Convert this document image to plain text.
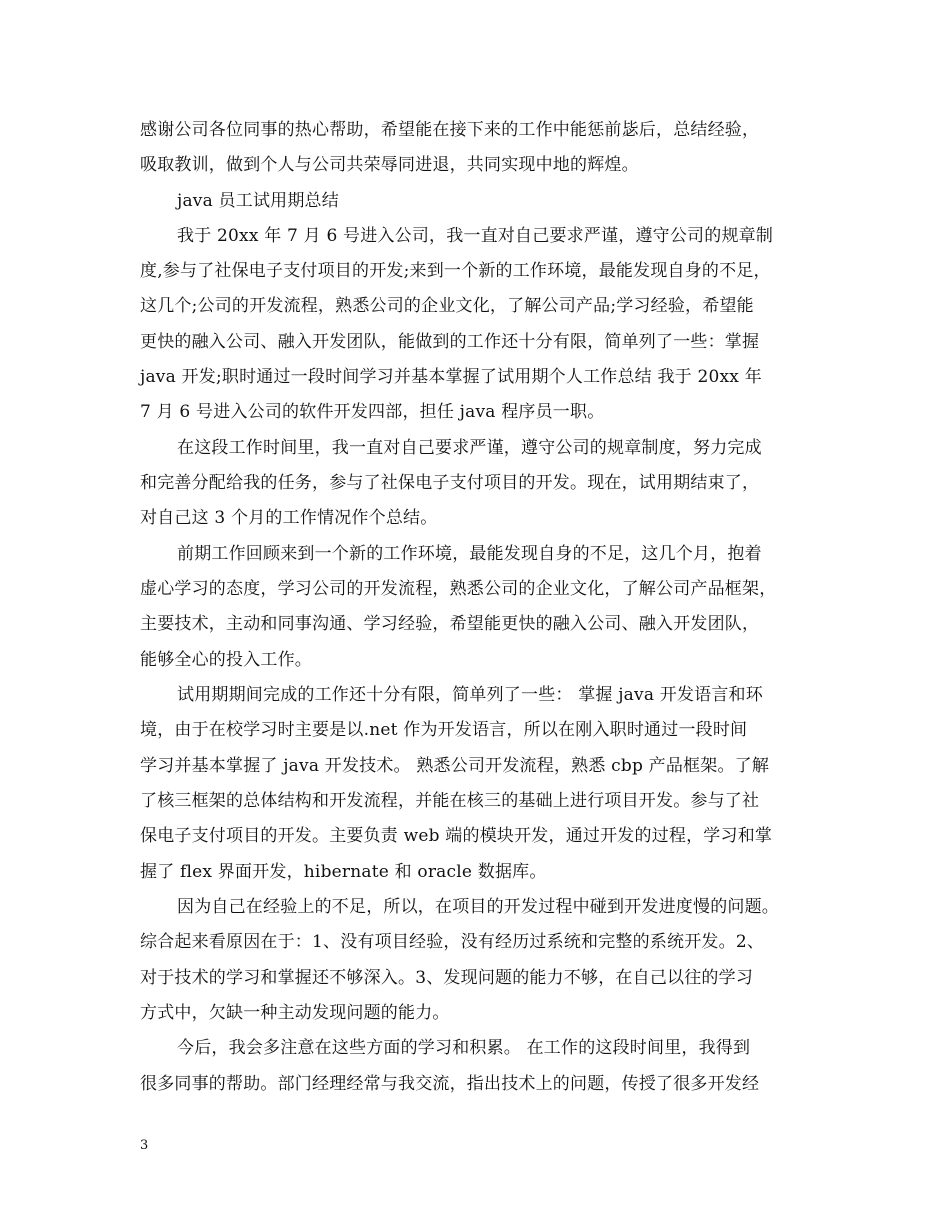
感谢公司各位同事的热心帮助，希望能在接下来的工作中能惩前毖后，总结经验，
吸取教训，做到个人与公司共荣辱同进退，共同实现中地的辉煌。
java 员工试用期总结
我于 20xx 年 7 月 6 号进入公司，我一直对自己要求严谨，遵守公司的规章制
度,参与了社保电子支付项目的开发;来到一个新的工作环境，最能发现自身的不足，
这几个;公司的开发流程，熟悉公司的企业文化，了解公司产品;学习经验，希望能
更快的融入公司、融入开发团队，能做到的工作还十分有限，简单列了一些：掌握
java 开发;职时通过一段时间学习并基本掌握了试用期个人工作总结 我于 20xx 年
7 月 6 号进入公司的软件开发四部，担任 java 程序员一职。
在这段工作时间里，我一直对自己要求严谨，遵守公司的规章制度，努力完成
和完善分配给我的任务，参与了社保电子支付项目的开发。现在，试用期结束了，
对自己这 3 个月的工作情况作个总结。
前期工作回顾来到一个新的工作环境，最能发现自身的不足，这几个月，抱着
虚心学习的态度，学习公司的开发流程，熟悉公司的企业文化，了解公司产品框架，
主要技术，主动和同事沟通、学习经验，希望能更快的融入公司、融入开发团队，
能够全心的投入工作。
试用期期间完成的工作还十分有限，简单列了一些： 掌握 java 开发语言和环
境，由于在校学习时主要是以.net 作为开发语言，所以在刚入职时通过一段时间
学习并基本掌握了 java 开发技术。 熟悉公司开发流程，熟悉 cbp 产品框架。了解
了核三框架的总体结构和开发流程，并能在核三的基础上进行项目开发。参与了社
保电子支付项目的开发。主要负责 web 端的模块开发，通过开发的过程，学习和掌
握了 flex 界面开发，hibernate 和 oracle 数据库。
因为自己在经验上的不足，所以，在项目的开发过程中碰到开发进度慢的问题。
综合起来看原因在于：1、没有项目经验，没有经历过系统和完整的系统开发。2、
对于技术的学习和掌握还不够深入。3、发现问题的能力不够，在自己以往的学习
方式中，欠缺一种主动发现问题的能力。
今后，我会多注意在这些方面的学习和积累。 在工作的这段时间里，我得到
很多同事的帮助。部门经理经常与我交流，指出技术上的问题，传授了很多开发经
3
